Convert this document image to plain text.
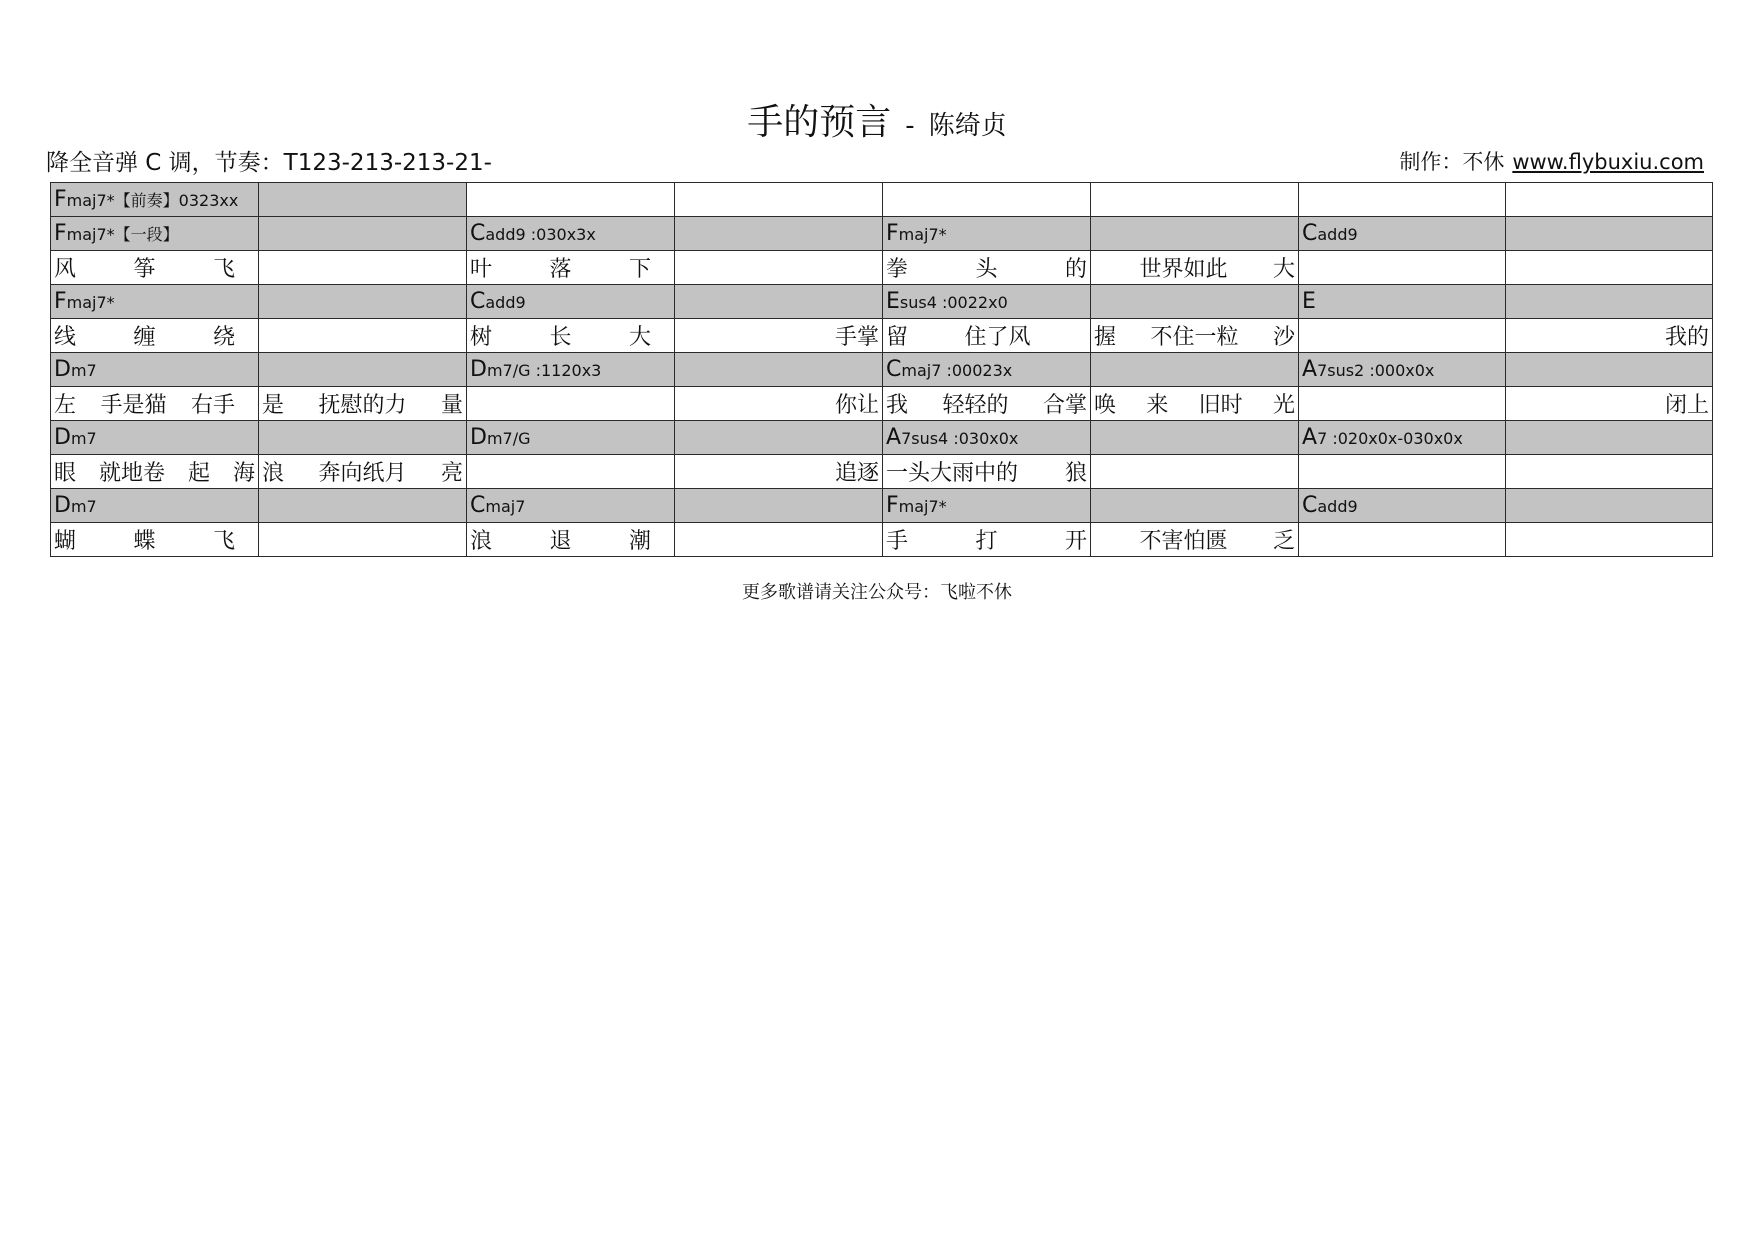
手的预言 - 陈绮贞
降全音弹 C 调，节奏：T123-213-213-21-	制作：不休 www.flybuxiu.com
Fmaj7*【前奏】0323xx							
Fmaj7*【一段】		Cadd9 :030x3x		Fmaj7*		Cadd9	

风 筝 飞		叶 落 下		拳 头 的	世界如此 大		

Fmaj7*		Cadd9		Esus4 :0022x0		E	

线 缠 绕		树 长 大	手掌	留 住了风	握 不住一粒 沙		我的

Dm7		Dm7/G :1120x3		Cmaj7 :00023x		A7sus2 :000x0x	

左 手是猫 右手	是 抚慰的力 量		你让	我 轻轻的 合掌	唤 来 旧时 光		闭上

Dm7		Dm7/G		A7sus4 :030x0x		A7 :020x0x-030x0x	

眼 就地卷 起 海	浪 奔向纸月 亮		追逐	一头大雨中的 狼			

Dm7		Cmaj7		Fmaj7*		Cadd9	

蝴 蝶 飞		浪 退 潮		手 打 开	不害怕匮 乏		

更多歌谱请关注公众号：飞啦不休
